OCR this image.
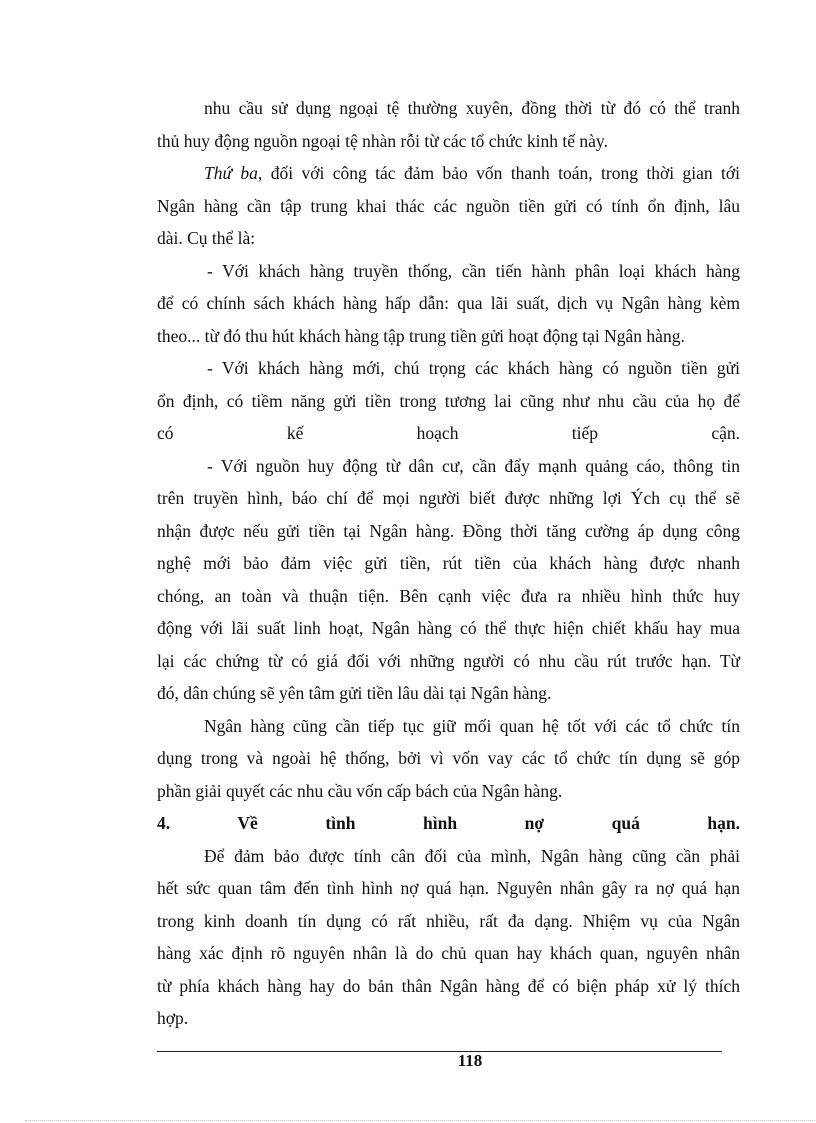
nhu cầu sử dụng ngoại tệ thường xuyên, đồng thời từ đó có thể tranh
thủ huy động nguồn ngoại tệ nhàn rỗi từ các tổ chức kinh tế này.

Thứ ba, đối với công tác đảm bảo vốn thanh toán, trong thời gian tới
Ngân hàng cần tập trung khai thác các nguồn tiền gửi có tính ổn định, lâu
dài. Cụ thể là:

- Với khách hàng truyền thống, cần tiến hành phân loại khách hàng
để có chính sách khách hàng hấp dẫn: qua lãi suất, dịch vụ Ngân hàng kèm
theo... từ đó thu hút khách hàng tập trung tiền gửi hoạt động tại Ngân hàng.

- Với khách hàng mới, chú trọng các khách hàng có nguồn tiền gửi
ổn định, có tiềm năng gửi tiền trong tương lai cũng như nhu cầu của họ để
có kế hoạch tiếp cận.

- Với nguồn huy động từ dân cư, cần đẩy mạnh quảng cáo, thông tin
trên truyền hình, báo chí để mọi người biết được những lợi Ých cụ thể sẽ
nhận được nếu gửi tiền tại Ngân hàng. Đồng thời tăng cường áp dụng công
nghệ mới bảo đảm việc gửi tiền, rút tiền của khách hàng được nhanh
chóng, an toàn và thuận tiện. Bên cạnh việc đưa ra nhiều hình thức huy
động với lãi suất linh hoạt, Ngân hàng có thể thực hiện chiết khấu hay mua
lại các chứng từ có giá đối với những người có nhu cầu rút trước hạn. Từ
đó, dân chúng sẽ yên tâm gửi tiền lâu dài tại Ngân hàng.

Ngân hàng cũng cần tiếp tục giữ mối quan hệ tốt với các tổ chức tín
dụng trong và ngoài hệ thống, bởi vì vốn vay các tổ chức tín dụng sẽ góp
phần giải quyết các nhu cầu vốn cấp bách của Ngân hàng.

4. Về tình hình nợ quá hạn.

Để đảm bảo được tính cân đối của mình, Ngân hàng cũng cần phải
hết sức quan tâm đến tình hình nợ quá hạn. Nguyên nhân gây ra nợ quá hạn
trong kinh doanh tín dụng có rất nhiều, rất đa dạng. Nhiệm vụ của Ngân
hàng xác định rõ nguyên nhân là do chủ quan hay khách quan, nguyên nhân
từ phía khách hàng hay do bản thân Ngân hàng để có biện pháp xử lý thích
hợp.

118
